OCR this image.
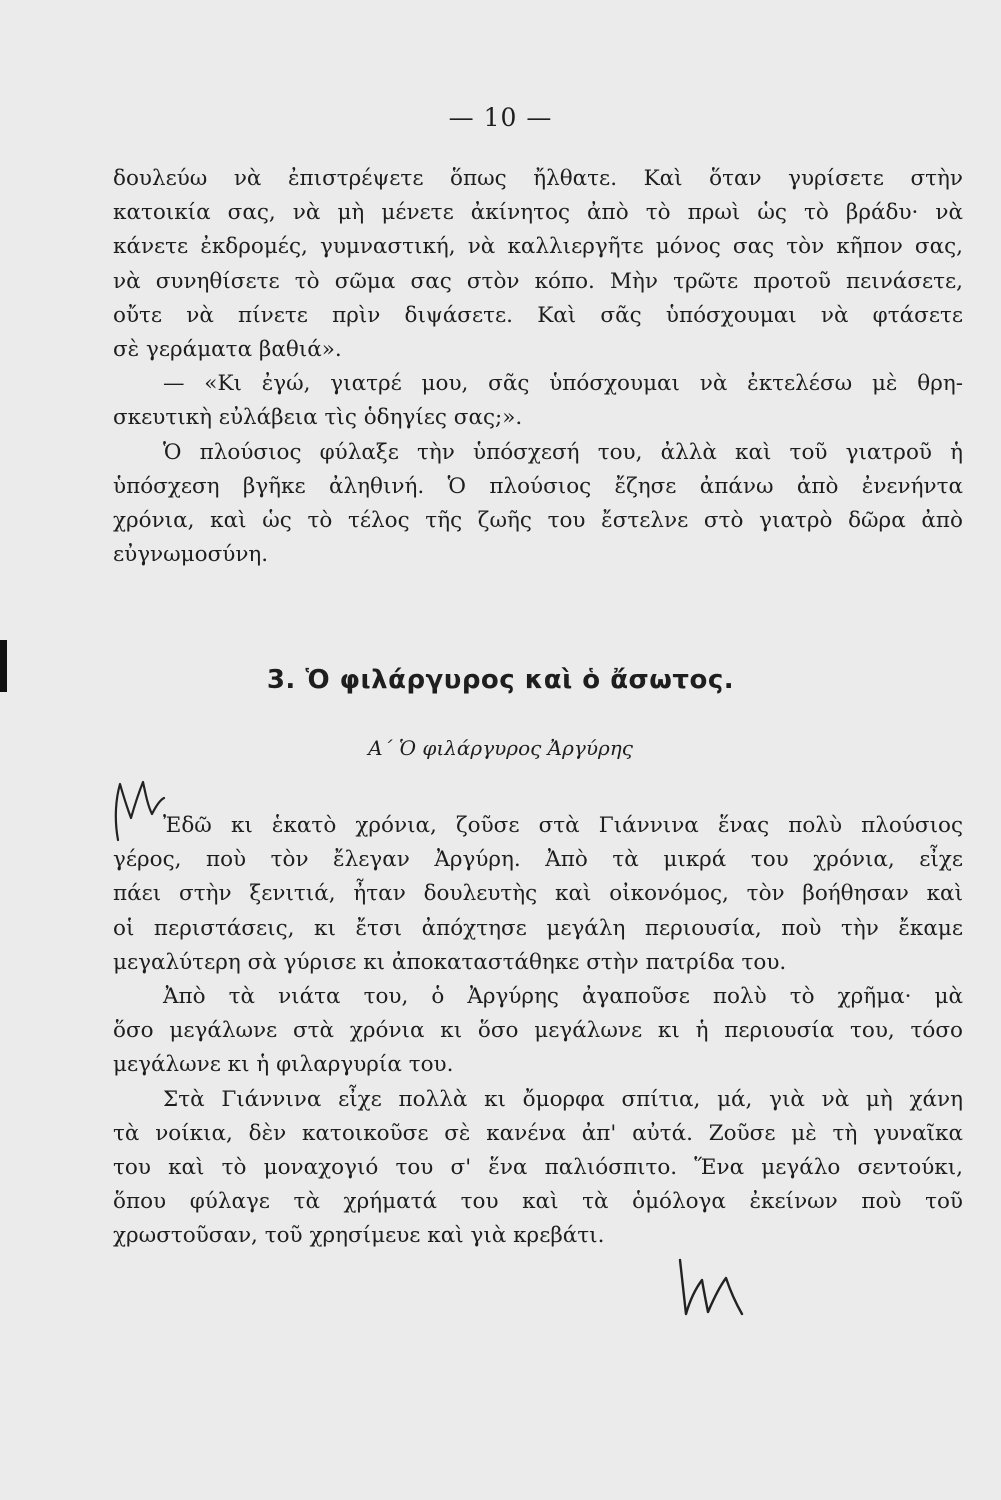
— 10 —
δουλεύω νὰ ἐπιστρέψετε ὅπως ἤλθατε. Καὶ ὅταν γυρίσετε στὴν
κατοικία σας, νὰ μὴ μένετε ἀκίνητος ἀπὸ τὸ πρωὶ ὡς τὸ βράδυ· νὰ
κάνετε ἐκδρομές, γυμναστική, νὰ καλλιεργῆτε μόνος σας τὸν κῆπον σας,
νὰ συνηθίσετε τὸ σῶμα σας στὸν κόπο. Μὴν τρῶτε προτοῦ πεινάσετε,
οὔτε νὰ πίνετε πρὶν διψάσετε. Καὶ σᾶς ὑπόσχουμαι νὰ φτάσετε
σὲ γεράματα βαθιά».
— «Κι ἐγώ, γιατρέ μου, σᾶς ὑπόσχουμαι νὰ ἐκτελέσω μὲ θρη-
σκευτικὴ εὐλάβεια τὶς ὁδηγίες σας;».
Ὁ πλούσιος φύλαξε τὴν ὑπόσχεσή του, ἀλλὰ καὶ τοῦ γιατροῦ ἡ
ὑπόσχεση βγῆκε ἀληθινή. Ὁ πλούσιος ἔζησε ἀπάνω ἀπὸ ἐνενήντα
χρόνια, καὶ ὡς τὸ τέλος τῆς ζωῆς του ἔστελνε στὸ γιατρὸ δῶρα ἀπὸ
εὐγνωμοσύνη.
3. Ὁ φιλάργυρος καὶ ὁ ἄσωτος.
Α΄ Ὁ φιλάργυρος Ἀργύρης
Ἐδῶ κι ἑκατὸ χρόνια, ζοῦσε στὰ Γιάννινα ἕνας πολὺ πλούσιος
γέρος, ποὺ τὸν ἔλεγαν Ἀργύρη. Ἀπὸ τὰ μικρά του χρόνια, εἶχε
πάει στὴν ξενιτιά, ἦταν δουλευτὴς καὶ οἰκονόμος, τὸν βοήθησαν καὶ
οἱ περιστάσεις, κι ἔτσι ἀπόχτησε μεγάλη περιουσία, ποὺ τὴν ἔκαμε
μεγαλύτερη σὰ γύρισε κι ἀποκαταστάθηκε στὴν πατρίδα του.
Ἀπὸ τὰ νιάτα του, ὁ Ἀργύρης ἀγαποῦσε πολὺ τὸ χρῆμα· μὰ
ὅσο μεγάλωνε στὰ χρόνια κι ὅσο μεγάλωνε κι ἡ περιουσία του, τόσο
μεγάλωνε κι ἡ φιλαργυρία του.
Στὰ Γιάννινα εἶχε πολλὰ κι ὄμορφα σπίτια, μά, γιὰ νὰ μὴ χάνη
τὰ νοίκια, δὲν κατοικοῦσε σὲ κανένα ἀπ' αὐτά. Ζοῦσε μὲ τὴ γυναῖκα
του καὶ τὸ μοναχογιό του σ' ἕνα παλιόσπιτο. Ἕνα μεγάλο σεντούκι,
ὅπου φύλαγε τὰ χρήματά του καὶ τὰ ὁμόλογα ἐκείνων ποὺ τοῦ
χρωστοῦσαν, τοῦ χρησίμευε καὶ γιὰ κρεβάτι.
